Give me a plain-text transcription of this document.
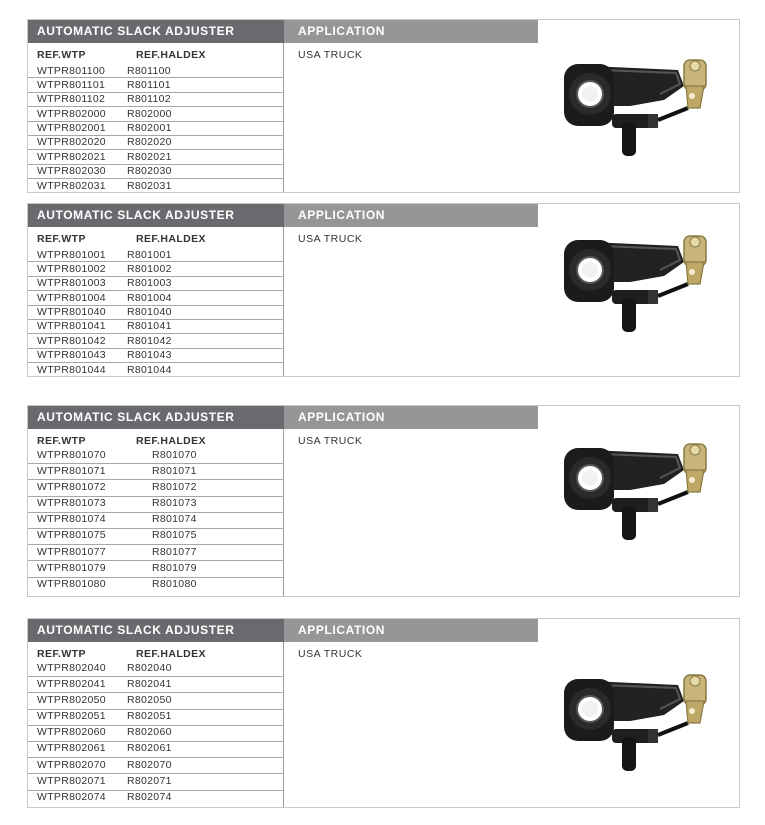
AUTOMATIC SLACK ADJUSTER	APPLICATION
REF.WTP	REF.HALDEX
WTPR801100 R801100
WTPR801101 R801101
WTPR801102 R801102
WTPR802000 R802000
WTPR802001 R802001
WTPR802020 R802020
WTPR802021 R802021
WTPR802030 R802030
WTPR802031 R802031
USA TRUCK
AUTOMATIC SLACK ADJUSTER	APPLICATION
REF.WTP	REF.HALDEX
WTPR801001 R801001
WTPR801002 R801002
WTPR801003 R801003
WTPR801004 R801004
WTPR801040 R801040
WTPR801041 R801041
WTPR801042 R801042
WTPR801043 R801043
WTPR801044 R801044
USA TRUCK
AUTOMATIC SLACK ADJUSTER	APPLICATION
REF.WTP	REF.HALDEX
WTPR801070	R801070
WTPR801071	R801071
WTPR801072	R801072
WTPR801073	R801073
WTPR801074	R801074
WTPR801075	R801075
WTPR801077	R801077
WTPR801079	R801079
WTPR801080	R801080
USA TRUCK
AUTOMATIC SLACK ADJUSTER	APPLICATION
REF.WTP	REF.HALDEX
WTPR802040 R802040
WTPR802041 R802041
WTPR802050 R802050
WTPR802051 R802051
WTPR802060 R802060
WTPR802061 R802061
WTPR802070 R802070
WTPR802071 R802071
WTPR802074 R802074
USA TRUCK
